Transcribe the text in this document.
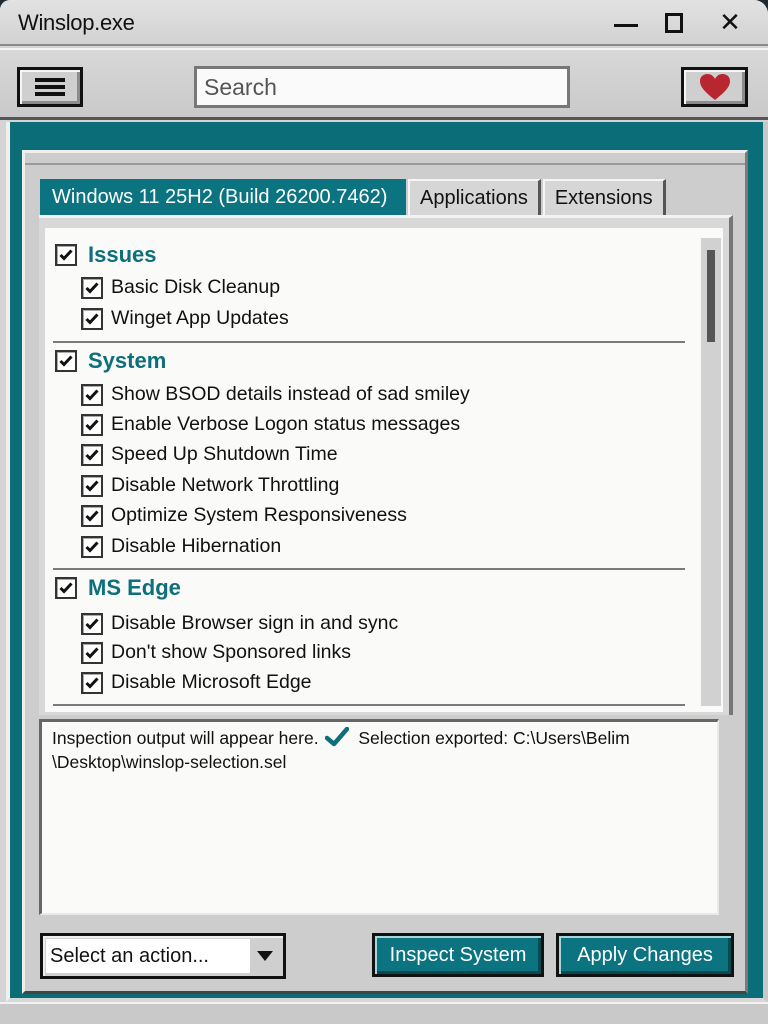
Winslop.exe	✕
Search
Windows 11 25H2 (Build 26200.7462)	Applications	Extensions
Issues
Basic Disk Cleanup
Winget App Updates
System
Show BSOD details instead of sad smiley
Enable Verbose Logon status messages
Speed Up Shutdown Time
Disable Network Throttling
Optimize System Responsiveness
Disable Hibernation
MS Edge
Disable Browser sign in and sync
Don't show Sponsored links
Disable Microsoft Edge
Inspection output will appear here. Selection exported: C:\Users\Belim
\Desktop\winslop-selection.sel
Select an action...	Inspect System	Apply Changes
